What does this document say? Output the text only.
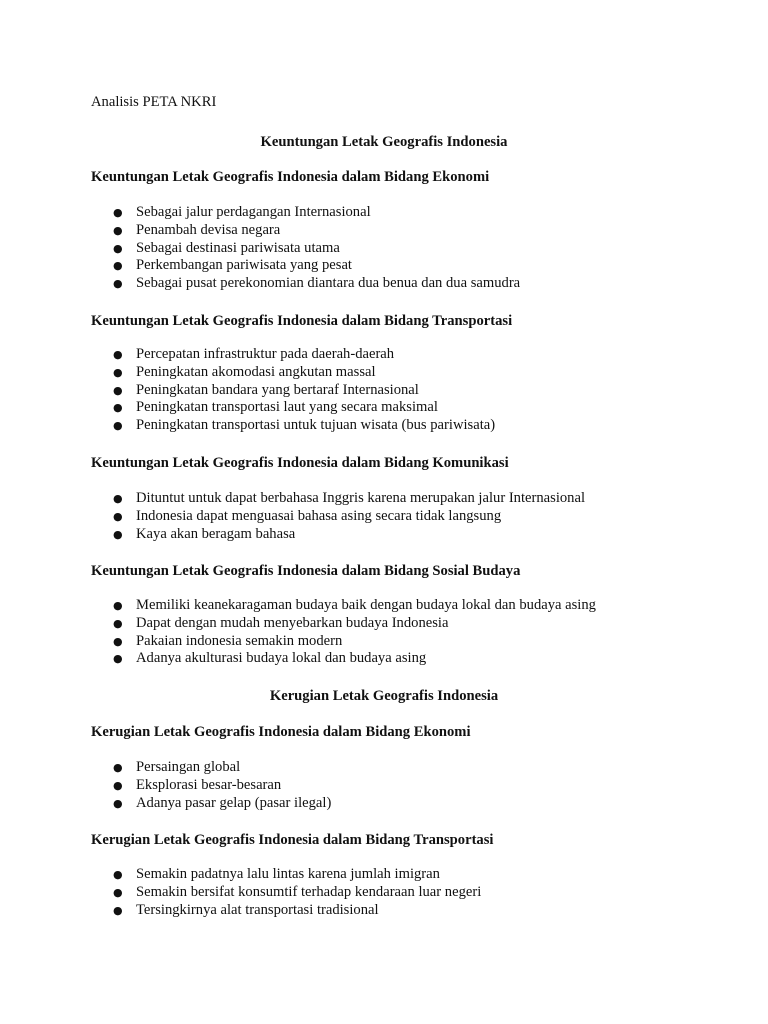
Analisis PETA NKRI
Keuntungan Letak Geografis Indonesia
Keuntungan Letak Geografis Indonesia dalam Bidang Ekonomi
● Sebagai jalur perdagangan Internasional
● Penambah devisa negara
● Sebagai destinasi pariwisata utama
● Perkembangan pariwisata yang pesat
● Sebagai pusat perekonomian diantara dua benua dan dua samudra
Keuntungan Letak Geografis Indonesia dalam Bidang Transportasi
● Percepatan infrastruktur pada daerah-daerah
● Peningkatan akomodasi angkutan massal
● Peningkatan bandara yang bertaraf Internasional
● Peningkatan transportasi laut yang secara maksimal
● Peningkatan transportasi untuk tujuan wisata (bus pariwisata)
Keuntungan Letak Geografis Indonesia dalam Bidang Komunikasi
● Dituntut untuk dapat berbahasa Inggris karena merupakan jalur Internasional
● Indonesia dapat menguasai bahasa asing secara tidak langsung
● Kaya akan beragam bahasa
Keuntungan Letak Geografis Indonesia dalam Bidang Sosial Budaya
● Memiliki keanekaragaman budaya baik dengan budaya lokal dan budaya asing
● Dapat dengan mudah menyebarkan budaya Indonesia
● Pakaian indonesia semakin modern
● Adanya akulturasi budaya lokal dan budaya asing
Kerugian Letak Geografis Indonesia
Kerugian Letak Geografis Indonesia dalam Bidang Ekonomi
● Persaingan global
● Eksplorasi besar-besaran
● Adanya pasar gelap (pasar ilegal)
Kerugian Letak Geografis Indonesia dalam Bidang Transportasi
● Semakin padatnya lalu lintas karena jumlah imigran
● Semakin bersifat konsumtif terhadap kendaraan luar negeri
● Tersingkirnya alat transportasi tradisional
